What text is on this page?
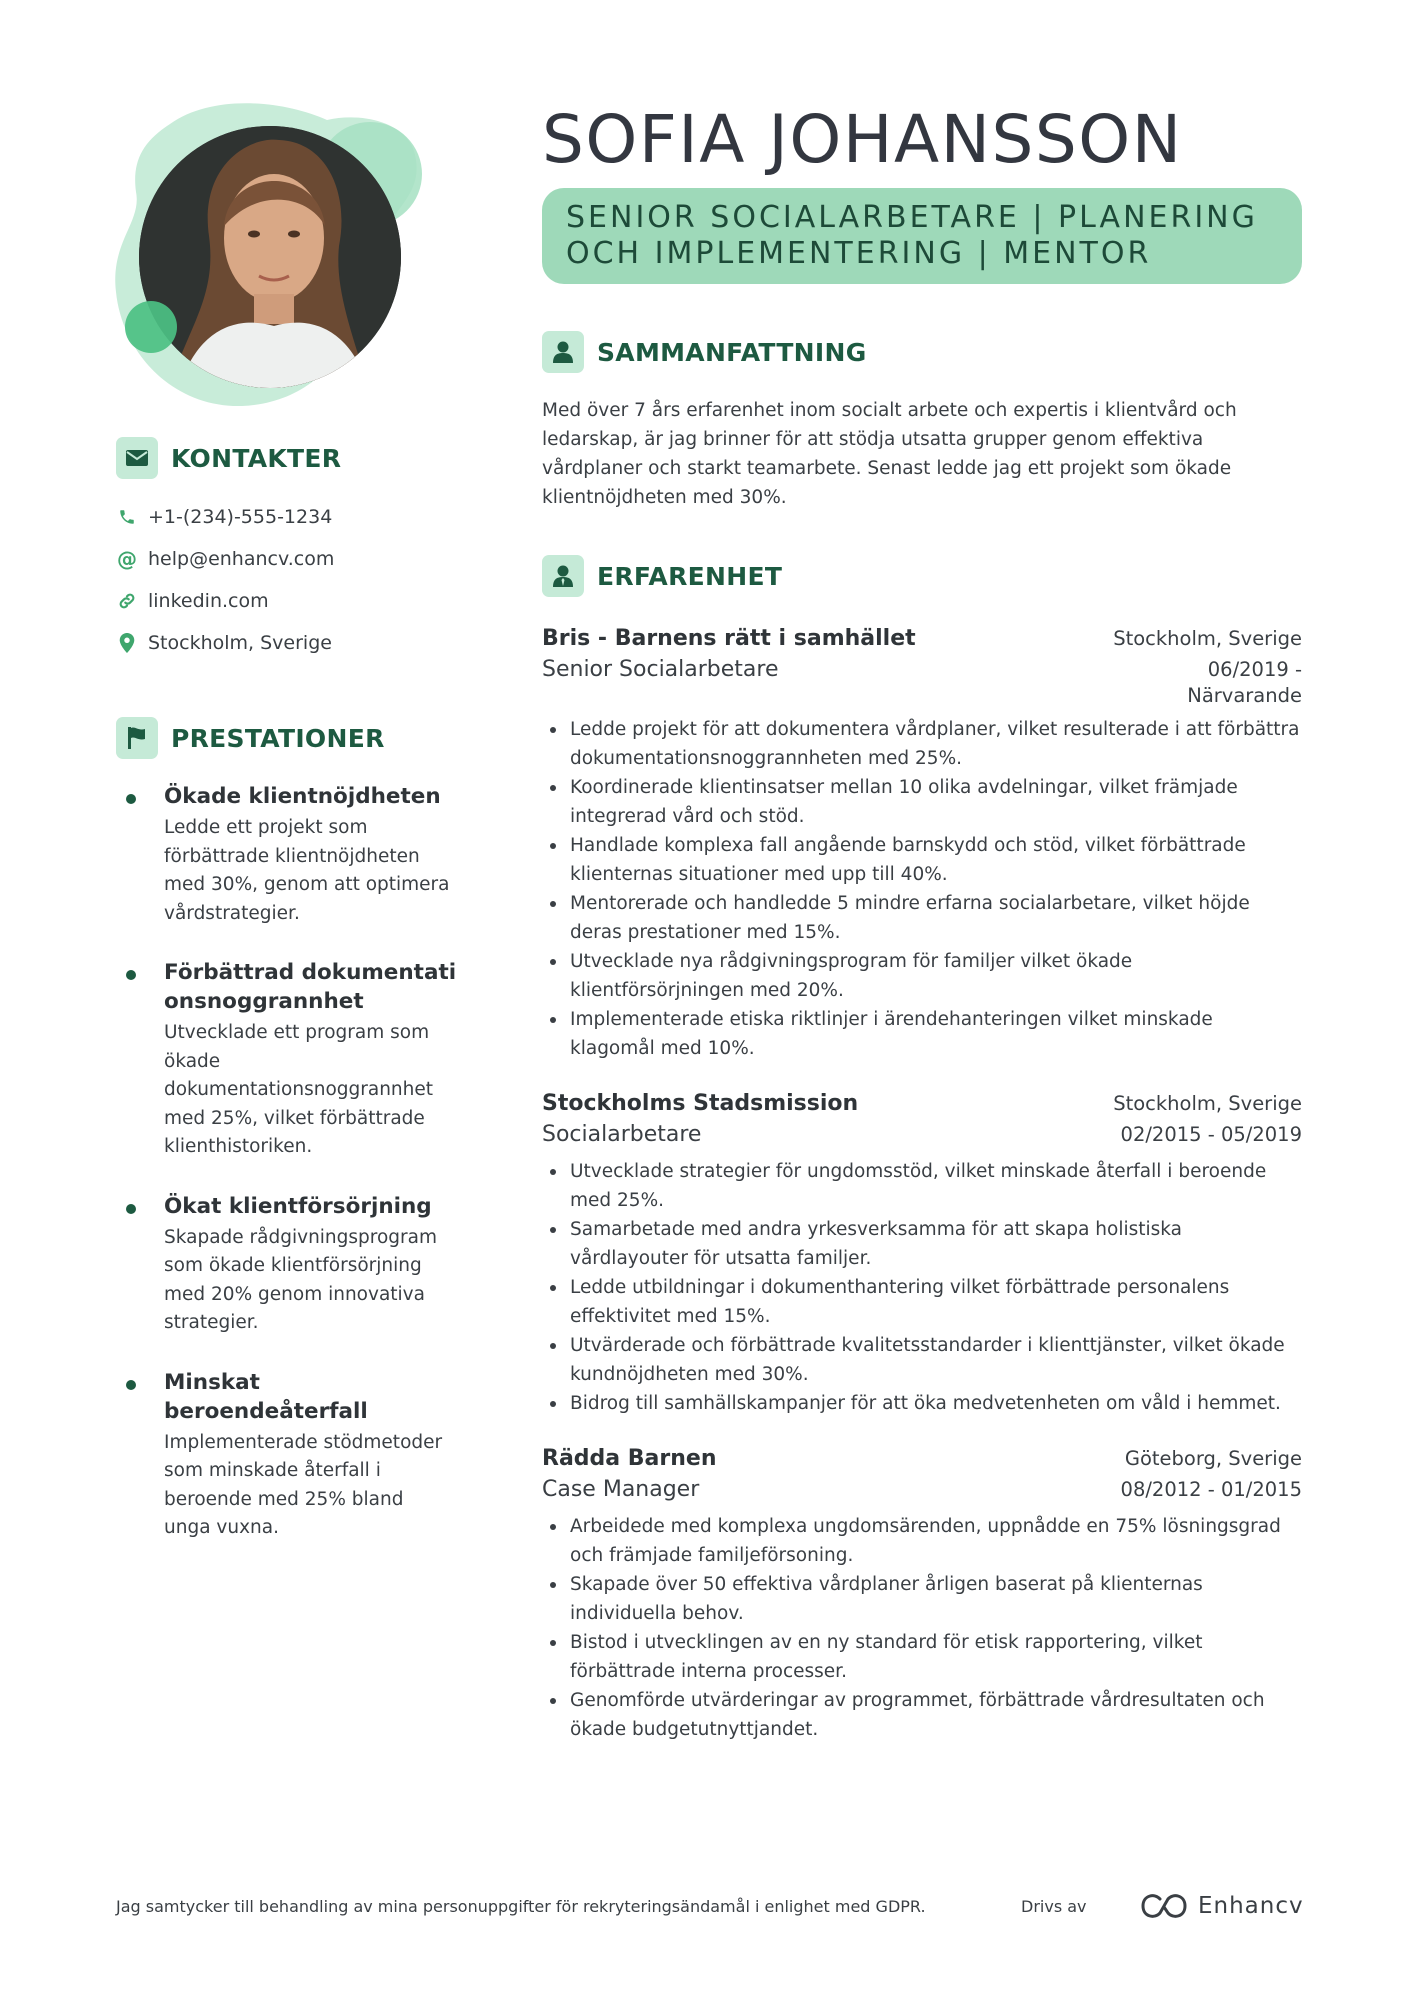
KONTAKTER
+1-(234)-555-1234
@ help@enhancv.com
linkedin.com
Stockholm, Sverige
PRESTATIONER
Ökade klientnöjdheten
Ledde ett projekt som förbättrade klientnöjdheten med 30%, genom att optimera vårdstrategier.
Förbättrad dokumentationsnoggrannhet
Utvecklade ett program som ökade dokumentationsnoggrannhet med 25%, vilket förbättrade klienthistoriken.
Ökat klientförsörjning
Skapade rådgivningsprogram som ökade klientförsörjning med 20% genom innovativa strategier.
Minskat beroendeåterfall
Implementerade stödmetoder som minskade återfall i beroende med 25% bland unga vuxna.
SOFIA JOHANSSON
SENIOR SOCIALARBETARE | PLANERING
OCH IMPLEMENTERING | MENTOR
SAMMANFATTNING
Med över 7 års erfarenhet inom socialt arbete och expertis i klientvård och ledarskap, är jag brinner för att stödja utsatta grupper genom effektiva vårdplaner och starkt teamarbete. Senast ledde jag ett projekt som ökade klientnöjdheten med 30%.
ERFARENHET
Bris - Barnens rätt i samhället	Stockholm, Sverige
Senior Socialarbetare	06/2019 - Närvarande
Ledde projekt för att dokumentera vårdplaner, vilket resulterade i att förbättra dokumentationsnoggrannheten med 25%.
Koordinerade klientinsatser mellan 10 olika avdelningar, vilket främjade integrerad vård och stöd.
Handlade komplexa fall angående barnskydd och stöd, vilket förbättrade klienternas situationer med upp till 40%.
Mentorerade och handledde 5 mindre erfarna socialarbetare, vilket höjde deras prestationer med 15%.
Utvecklade nya rådgivningsprogram för familjer vilket ökade klientförsörjningen med 20%.
Implementerade etiska riktlinjer i ärendehanteringen vilket minskade klagomål med 10%.
Stockholms Stadsmission	Stockholm, Sverige
Socialarbetare	02/2015 - 05/2019
Utvecklade strategier för ungdomsstöd, vilket minskade återfall i beroende med 25%.
Samarbetade med andra yrkesverksamma för att skapa holistiska vårdlayouter för utsatta familjer.
Ledde utbildningar i dokumenthantering vilket förbättrade personalens effektivitet med 15%.
Utvärderade och förbättrade kvalitetsstandarder i klienttjänster, vilket ökade kundnöjdheten med 30%.
Bidrog till samhällskampanjer för att öka medvetenheten om våld i hemmet.
Rädda Barnen	Göteborg, Sverige
Case Manager	08/2012 - 01/2015
Arbeidede med komplexa ungdomsärenden, uppnådde en 75% lösningsgrad och främjade familjeförsoning.
Skapade över 50 effektiva vårdplaner årligen baserat på klienternas individuella behov.
Bistod i utvecklingen av en ny standard för etisk rapportering, vilket förbättrade interna processer.
Genomförde utvärderingar av programmet, förbättrade vårdresultaten och ökade budgetutnyttjandet.
Jag samtycker till behandling av mina personuppgifter för rekryteringsändamål i enlighet med GDPR.	Drivs av	Enhancv
